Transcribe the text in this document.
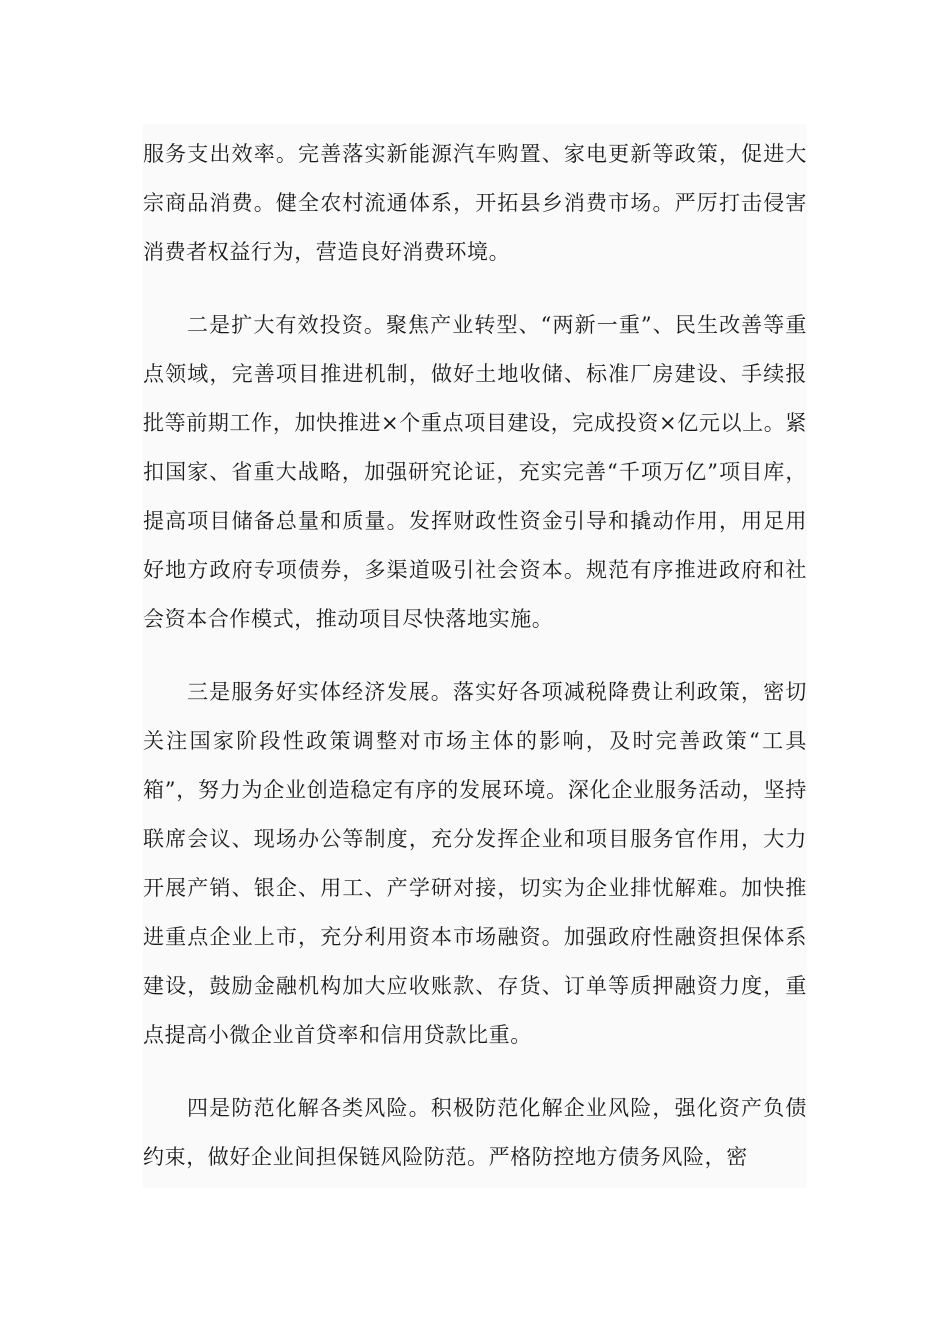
服务支出效率。完善落实新能源汽车购置、家电更新等政策，促进大宗商品消费。健全农村流通体系，开拓县乡消费市场。严厉打击侵害消费者权益行为，营造良好消费环境。

二是扩大有效投资。聚焦产业转型、“两新一重”、民生改善等重点领域，完善项目推进机制，做好土地收储、标准厂房建设、手续报批等前期工作，加快推进×个重点项目建设，完成投资×亿元以上。紧扣国家、省重大战略，加强研究论证，充实完善“千项万亿”项目库，提高项目储备总量和质量。发挥财政性资金引导和撬动作用，用足用好地方政府专项债券，多渠道吸引社会资本。规范有序推进政府和社会资本合作模式，推动项目尽快落地实施。

三是服务好实体经济发展。落实好各项减税降费让利政策，密切关注国家阶段性政策调整对市场主体的影响，及时完善政策“工具箱”，努力为企业创造稳定有序的发展环境。深化企业服务活动，坚持联席会议、现场办公等制度，充分发挥企业和项目服务官作用，大力开展产销、银企、用工、产学研对接，切实为企业排忧解难。加快推进重点企业上市，充分利用资本市场融资。加强政府性融资担保体系建设，鼓励金融机构加大应收账款、存货、订单等质押融资力度，重点提高小微企业首贷率和信用贷款比重。

四是防范化解各类风险。积极防范化解企业风险，强化资产负债约束，做好企业间担保链风险防范。严格防控地方债务风险，密
